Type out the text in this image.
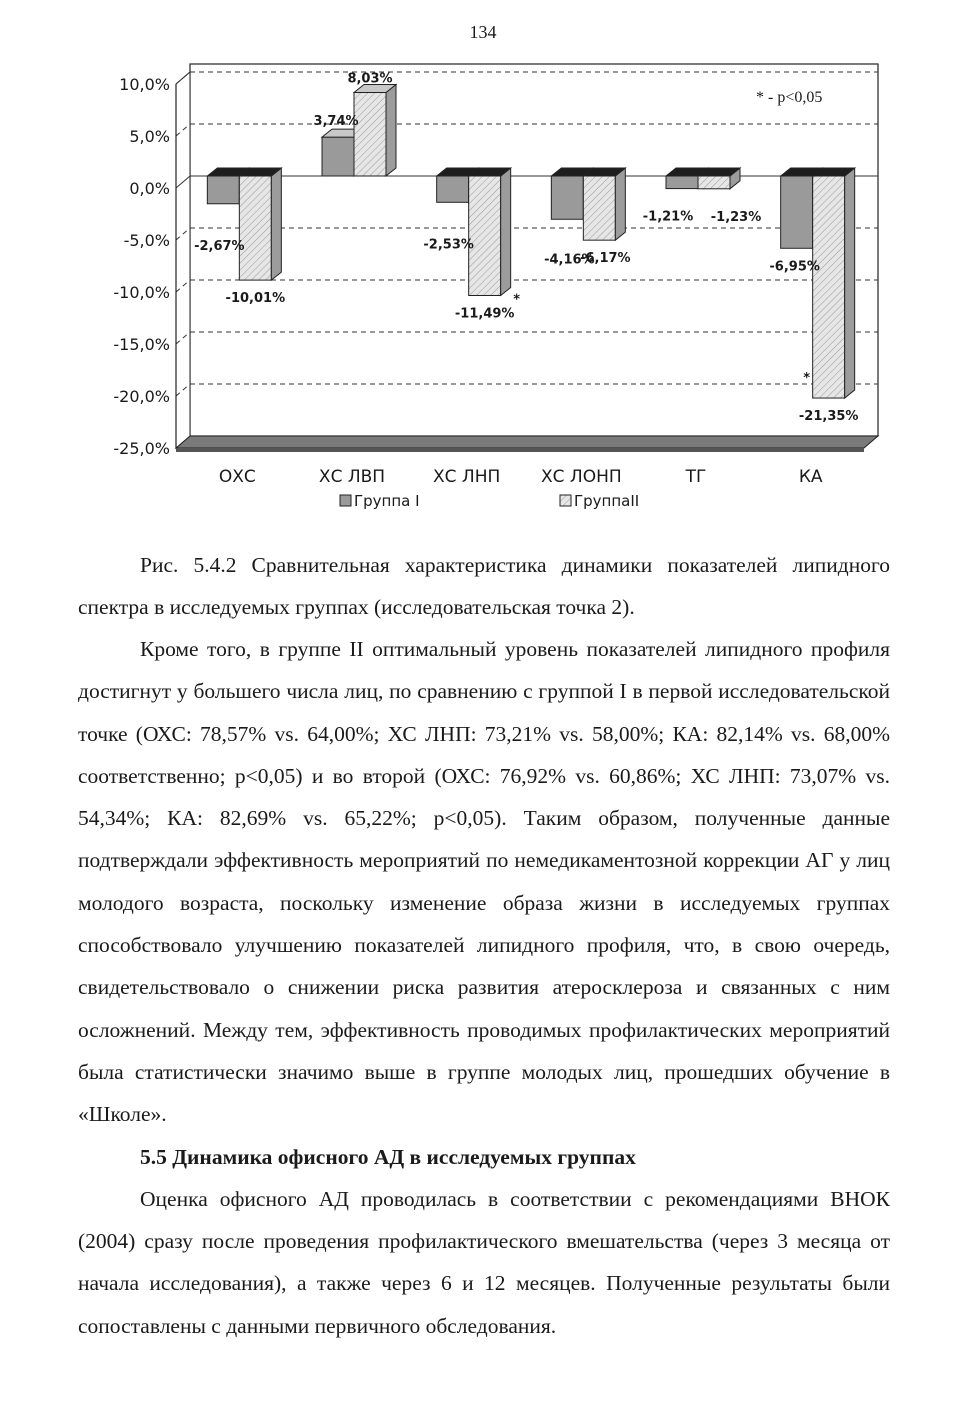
134
10,0%
5,0%
0,0%
-5,0%
-10,0%
-15,0%
-20,0%
-25,0%
-2,67%
-10,01%
3,74%
8,03%
-2,53%
-11,49%
-4,16%
-6,17%
-1,21% -1,23%
-6,95%
-21,35%
*
*
ОХС	ХС ЛВП	ХС ЛНП ХС ЛОНП	ТГ	КА
Группа I	ГруппаII
* - p<0,05
Рис. 5.4.2 Сравнительная характеристика динамики показателей липидного спектра в исследуемых группах (исследовательская точка 2).

Кроме того, в группе II оптимальный уровень показателей липидного профиля достигнут у большего числа лиц, по сравнению с группой I в первой исследовательской точке (ОХС: 78,57% vs. 64,00%; ХС ЛНП: 73,21% vs. 58,00%; КА: 82,14% vs. 68,00% соответственно; p<0,05) и во второй (ОХС: 76,92% vs. 60,86%; ХС ЛНП: 73,07% vs. 54,34%; КА: 82,69% vs. 65,22%; p<0,05). Таким образом, полученные данные подтверждали эффективность мероприятий по немедикаментозной коррекции АГ у лиц молодого возраста, поскольку изменение образа жизни в исследуемых группах способствовало улучшению показателей липидного профиля, что, в свою очередь, свидетельствовало о снижении риска развития атеросклероза и связанных с ним осложнений. Между тем, эффективность проводимых профилактических мероприятий была статистически значимо выше в группе молодых лиц, прошедших обучение в «Школе».

5.5 Динамика офисного АД в исследуемых группах

Оценка офисного АД проводилась в соответствии с рекомендациями ВНОК (2004) сразу после проведения профилактического вмешательства (через 3 месяца от начала исследования), а также через 6 и 12 месяцев. Полученные результаты были сопоставлены с данными первичного обследования.
